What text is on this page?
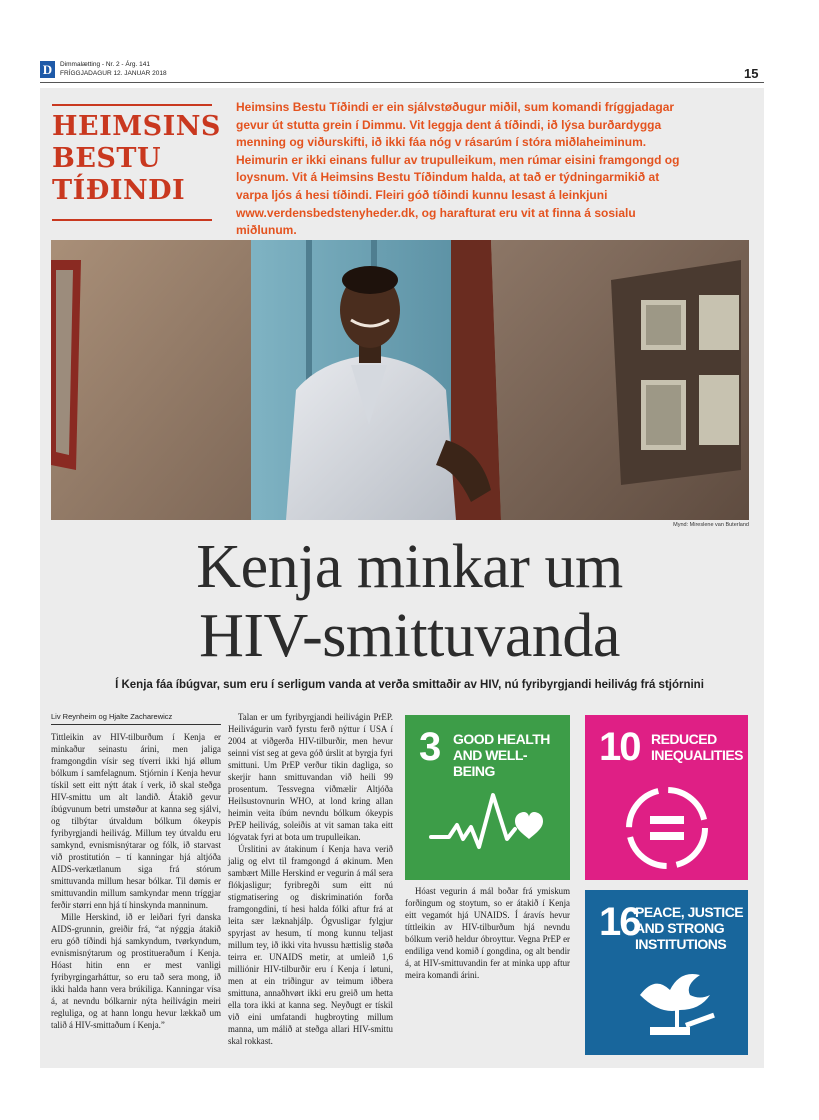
D	Dimmalætting - Nr. 2 - Árg. 141
FRÍGGJADAGUR 12. JANUAR 2018	15
HEIMSINS
BESTU
TÍÐINDI
Heimsins Bestu Tíðindi er ein sjálvstøðugur miðil, sum komandi fríggjadagar gevur út stutta grein í Dimmu. Vit leggja dent á tíðindi, ið lýsa burðardygga menning og viðurskifti, ið ikki fáa nóg v rásarúm í stóra miðlaheiminum. Heimurin er ikki einans fullur av trupulleikum, men rúmar eisini framgongd og loysnum. Vit á Heimsins Bestu Tíðindum halda, at tað er týdningarmikið at varpa ljós á hesi tíðindi. Fleiri góð tíðindi kunnu lesast á leinkjuni www.verdensbedstenyheder.dk, og harafturat eru vit at finna á sosialu miðlunum.
Mynd: Mireslene van Buterland
Kenja minkar um
HIV-smittuvanda
Í Kenja fáa íbúgvar, sum eru í serligum vanda at verða smittaðir av HIV, nú fyribyrgjandi heilivág frá stjórnini
Liv Reynheim og Hjalte Zacharewicz

Tittleikin av HIV-tilburðum í Kenja er minkaður seinastu árini, men jaliga framgongdin vísir seg tíverri ikki hjá øllum bólkum í samfelagnum. Stjórnin í Kenja hevur tískil sett eitt nýtt átak í verk, ið skal steðga HIV-smittu um alt landið. Átakið gevur íbúgvunum betri umstøður at kanna seg sjálvi, og tilbýtar útvaldum bólkum ókeypis fyribyrgjandi heilivág. Millum tey útvaldu eru samkynd, evnismisnýtarar og fólk, ið starvast við prostitutión – tí kanningar hjá altjóða AIDS-verkætlanum siga frá stórum smittuvanda millum hesar bólkar. Til dømis er smittuvandin millum samkyndar menn tríggjar ferðir størri enn hjá tí hinskynda manninum.

Mille Herskind, ið er leiðari fyri danska AIDS-grunnin, greiðir frá, “at nýggja átakið eru góð tíðindi hjá samkyndum, tvørkyndum, evnismisnýtarum og prostitueraðum í Kenja. Hóast hitin enn er mest vanligi fyribyrgingarháttur, so eru tað sera mong, ið ikki halda hann vera brúkiliga. Kanningar vísa á, at nevndu bólkarnir nýta heilivágin meiri regluliga, og at hann longu hevur lækkað um talið á HIV-smittaðum í Kenja.”

Talan er um fyribyrgjandi heilivágin PrEP. Heilivágurin varð fyrstu ferð nýttur í USA í 2004 at viðgerða HIV-tilburðir, men hevur seinni víst seg at geva góð úrslit at byrgja fyri smittuni. Um PrEP verður tikin dagliga, so skerjir hann smittuvandan við heili 99 prosentum. Tessvegna viðmælir Altjóða Heilsustovnurin WHO, at lond kring allan heimin veita íbúm nevndu bólkum ókeypis PrEP heilivág, soleiðis at vit saman taka eitt lógvatak fyri at bota um trupulleikan.

Úrslitini av átakinum í Kenja hava verið jalig og elvt til framgongd á økinum. Men sambært Mille Herskind er vegurin á mál sera flókjasligur; fyribregði sum eitt nú stigmatisering og diskriminatión forða framgongdini, tí hesi halda fólki aftur frá at leita sær læknahjálp. Ógvusligar fylgjur spyrjast av hesum, tí mong kunnu teljast millum tey, ið ikki vita hvussu hættislig støða teirra er. UNAIDS metir, at umleið 1,6 milliónir HIV-tilburðir eru í Kenja í løtuni, men at ein triðingur av teimum iðbera smittuna, annaðhvørt ikki eru greið um hetta ella tora ikki at kanna seg. Neyðugt er tískil við eini umfatandi hugbroyting millum manna, um málið at steðga allari HIV-smittu skal rokkast.

Hóast vegurin á mál boðar frá ymiskum forðingum og stoytum, so er átakið í Kenja eitt vegamót hjá UNAIDS. Í áravís hevur títtleikin av HIV-tilburðum hjá nevndu bólkum verið heldur óbroyttur. Vegna PrEP er endiliga vend komið í gongdina, og alt bendir á, at HIV-smittuvandin fer at minka upp aftur meira komandi árini.

3 GOOD HEALTH
AND WELL-BEING
10 REDUCED
INEQUALITIES
16
PEACE, JUSTICE
AND STRONG
INSTITUTIONS
